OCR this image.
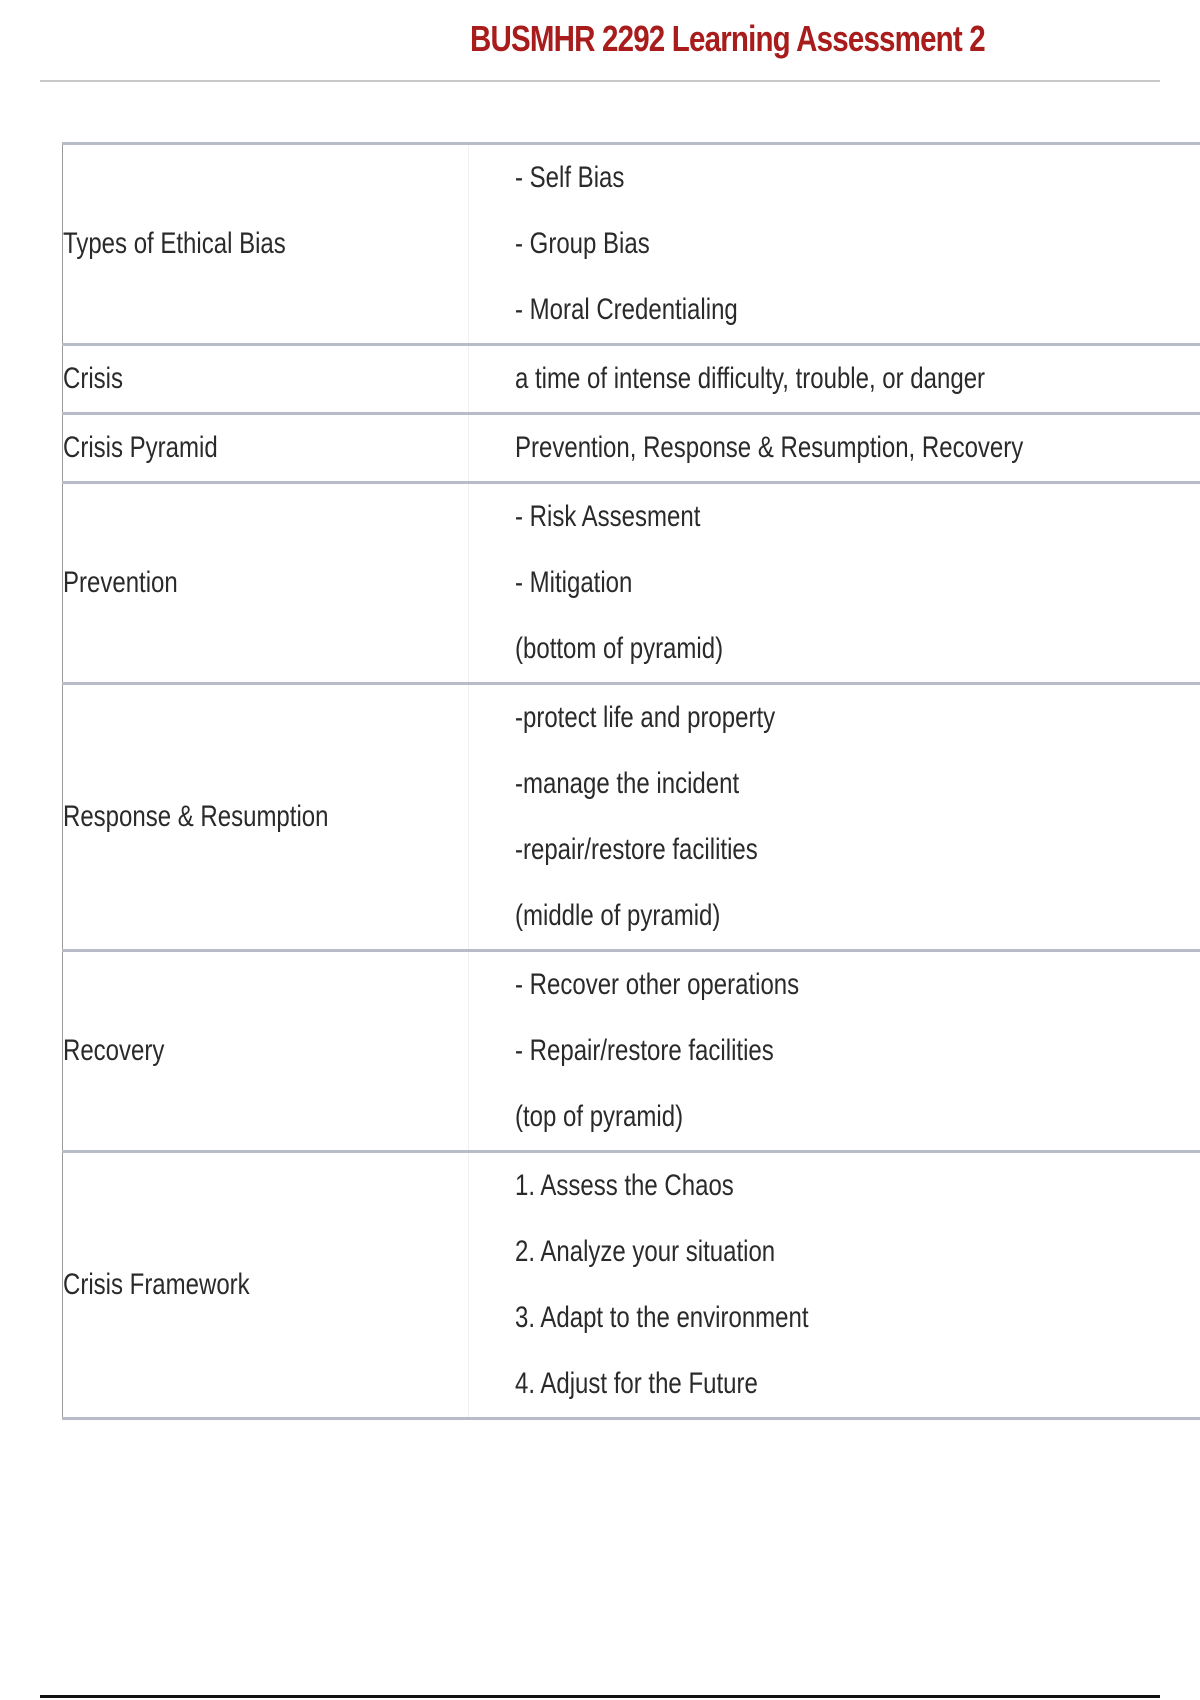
BUSMHR 2292 Learning Assessment 2
Types of Ethical Bias	- Self Bias
- Group Bias
- Moral Credentialing

Crisis	a time of intense difficulty, trouble, or danger

Crisis Pyramid	Prevention, Response & Resumption, Recovery

Prevention	- Risk Assesment
- Mitigation
(bottom of pyramid)

Response & Resumption	-protect life and property
-manage the incident
-repair/restore facilities
(middle of pyramid)

Recovery	- Recover other operations
- Repair/restore facilities
(top of pyramid)

Crisis Framework	1. Assess the Chaos
2. Analyze your situation
3. Adapt to the environment
4. Adjust for the Future
